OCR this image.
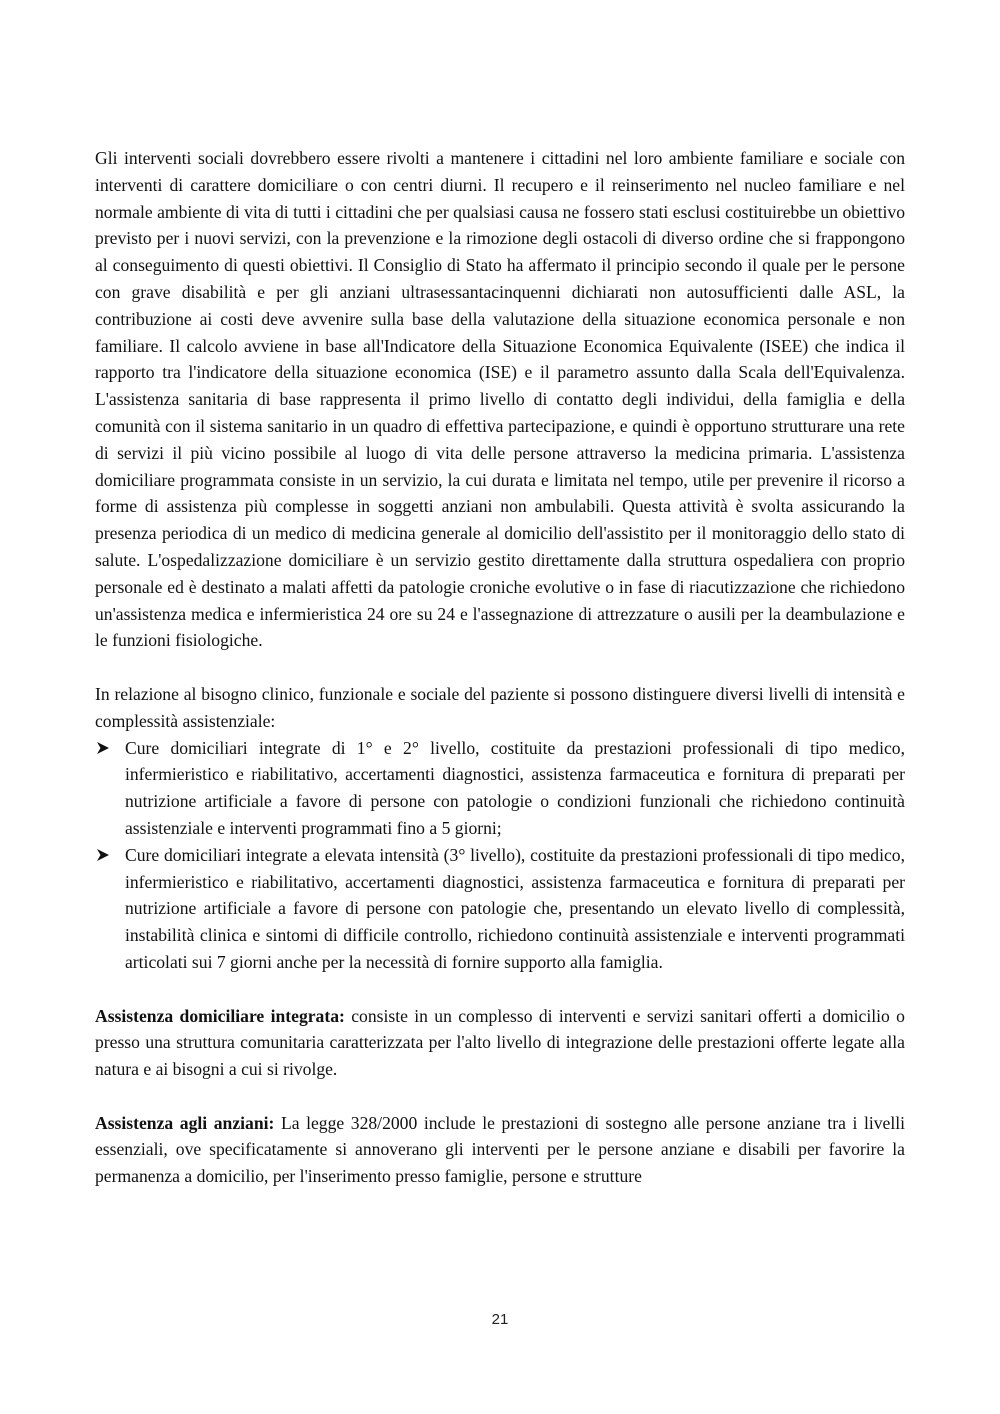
Gli interventi sociali dovrebbero essere rivolti a mantenere i cittadini nel loro ambiente familiare e sociale con interventi di carattere domiciliare o con centri diurni. Il recupero e il reinserimento nel nucleo familiare e nel normale ambiente di vita di tutti i cittadini che per qualsiasi causa ne fossero stati esclusi costituirebbe un obiettivo previsto per i nuovi servizi, con la prevenzione e la rimozione degli ostacoli di diverso ordine che si frappongono al conseguimento di questi obiettivi. Il Consiglio di Stato ha affermato il principio secondo il quale per le persone con grave disabilità e per gli anziani ultrasessantacinquenni dichiarati non autosufficienti dalle ASL, la contribuzione ai costi deve avvenire sulla base della valutazione della situazione economica personale e non familiare. Il calcolo avviene in base all'Indicatore della Situazione Economica Equivalente (ISEE) che indica il rapporto tra l'indicatore della situazione economica (ISE) e il parametro assunto dalla Scala dell'Equivalenza. L'assistenza sanitaria di base rappresenta il primo livello di contatto degli individui, della famiglia e della comunità con il sistema sanitario in un quadro di effettiva partecipazione, e quindi è opportuno strutturare una rete di servizi il più vicino possibile al luogo di vita delle persone attraverso la medicina primaria. L'assistenza domiciliare programmata consiste in un servizio, la cui durata e limitata nel tempo, utile per prevenire il ricorso a forme di assistenza più complesse in soggetti anziani non ambulabili. Questa attività è svolta assicurando la presenza periodica di un medico di medicina generale al domicilio dell'assistito per il monitoraggio dello stato di salute. L'ospedalizzazione domiciliare è un servizio gestito direttamente dalla struttura ospedaliera con proprio personale ed è destinato a malati affetti da patologie croniche evolutive o in fase di riacutizzazione che richiedono un'assistenza medica e infermieristica 24 ore su 24 e l'assegnazione di attrezzature o ausili per la deambulazione e le funzioni fisiologiche.

In relazione al bisogno clinico, funzionale e sociale del paziente si possono distinguere diversi livelli di intensità e complessità assistenziale:

Cure domiciliari integrate di 1° e 2° livello, costituite da prestazioni professionali di tipo medico, infermieristico e riabilitativo, accertamenti diagnostici, assistenza farmaceutica e fornitura di preparati per nutrizione artificiale a favore di persone con patologie o condizioni funzionali che richiedono continuità assistenziale e interventi programmati fino a 5 giorni;
Cure domiciliari integrate a elevata intensità (3° livello), costituite da prestazioni professionali di tipo medico, infermieristico e riabilitativo, accertamenti diagnostici, assistenza farmaceutica e fornitura di preparati per nutrizione artificiale a favore di persone con patologie che, presentando un elevato livello di complessità, instabilità clinica e sintomi di difficile controllo, richiedono continuità assistenziale e interventi programmati articolati sui 7 giorni anche per la necessità di fornire supporto alla famiglia.

Assistenza domiciliare integrata: consiste in un complesso di interventi e servizi sanitari offerti a domicilio o presso una struttura comunitaria caratterizzata per l'alto livello di integrazione delle prestazioni offerte legate alla natura e ai bisogni a cui si rivolge.

Assistenza agli anziani: La legge 328/2000 include le prestazioni di sostegno alle persone anziane tra i livelli essenziali, ove specificatamente si annoverano gli interventi per le persone anziane e disabili per favorire la permanenza a domicilio, per l'inserimento presso famiglie, persone e strutture

21
